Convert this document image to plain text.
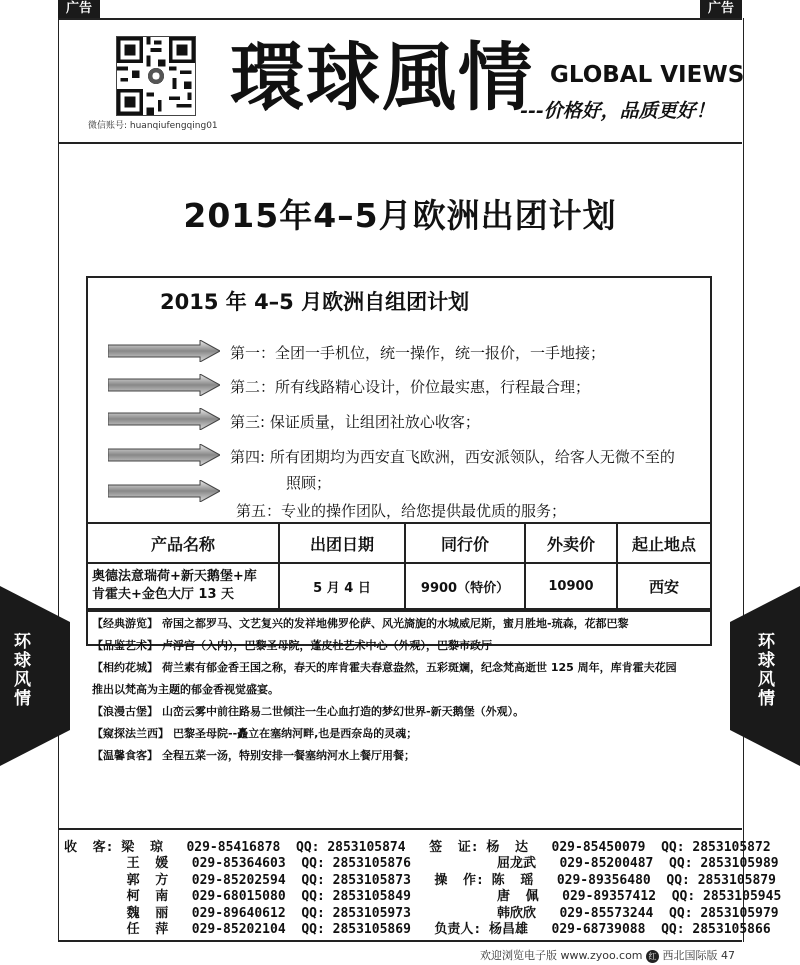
广告	广告
微信账号: huanqiufengqing01
環球風情 GLOBAL VIEWS
---价格好，品质更好！
2015年4–5月欧洲出团计划
2015 年 4–5 月欧洲自组团计划
第一：全团一手机位，统一操作，统一报价，一手地接；
第二：所有线路精心设计，价位最实惠，行程最合理；
第三: 保证质量，让组团社放心收客；
第四: 所有团期均为西安直飞欧洲，西安派领队，给客人无微不至的
照顾；
第五：专业的操作团队，给您提供最优质的服务；
产品名称	出团日期	同行价	外卖价	起止地点

奥德法意瑞荷+新天鹅堡+库
肯霍夫+金色大厅 13 天	5 月 4 日	9900（特价）	10900	西安
【经典游览】 帝国之都罗马、文艺复兴的发祥地佛罗伦萨、风光旖旎的水城威尼斯，蜜月胜地-琉森，花都巴黎
【品鉴艺术】 卢浮宫（入内），巴黎圣母院，蓬皮杜艺术中心（外观），巴黎市政厅
【相约花城】 荷兰素有郁金香王国之称，春天的库肯霍夫春意盎然，五彩斑斓，纪念梵高逝世 125 周年，库肯霍夫花园
推出以梵高为主题的郁金香视觉盛宴。
【浪漫古堡】 山峦云雾中前往路易二世倾注一生心血打造的梦幻世界-新天鹅堡（外观）。
【窥探法兰西】 巴黎圣母院--矗立在塞纳河畔,也是西奈岛的灵魂；
【温馨食客】 全程五菜一汤，特别安排一餐塞纳河水上餐厅用餐；
环球风情	环球风情
收  客: 梁  琼   029-85416878  QQ: 2853105874   签  证: 杨  达   029-85450079  QQ: 2853105872
王  媛   029-85364603  QQ: 2853105876           屈龙武   029-85200487  QQ: 2853105989
郭  方   029-85202594  QQ: 2853105873   操  作: 陈  瑶   029-89356480  QQ: 2853105879
柯  南   029-68015080  QQ: 2853105849           唐  佩   029-89357412  QQ: 2853105945
魏  丽   029-89640612  QQ: 2853105973           韩欣欣   029-85573244  QQ: 2853105979
任  萍   029-85202104  QQ: 2853105869   负责人: 杨昌雄   029-68739088  QQ: 2853105866
欢迎浏览电子版 www.zyoo.com 红 西北国际版 47
